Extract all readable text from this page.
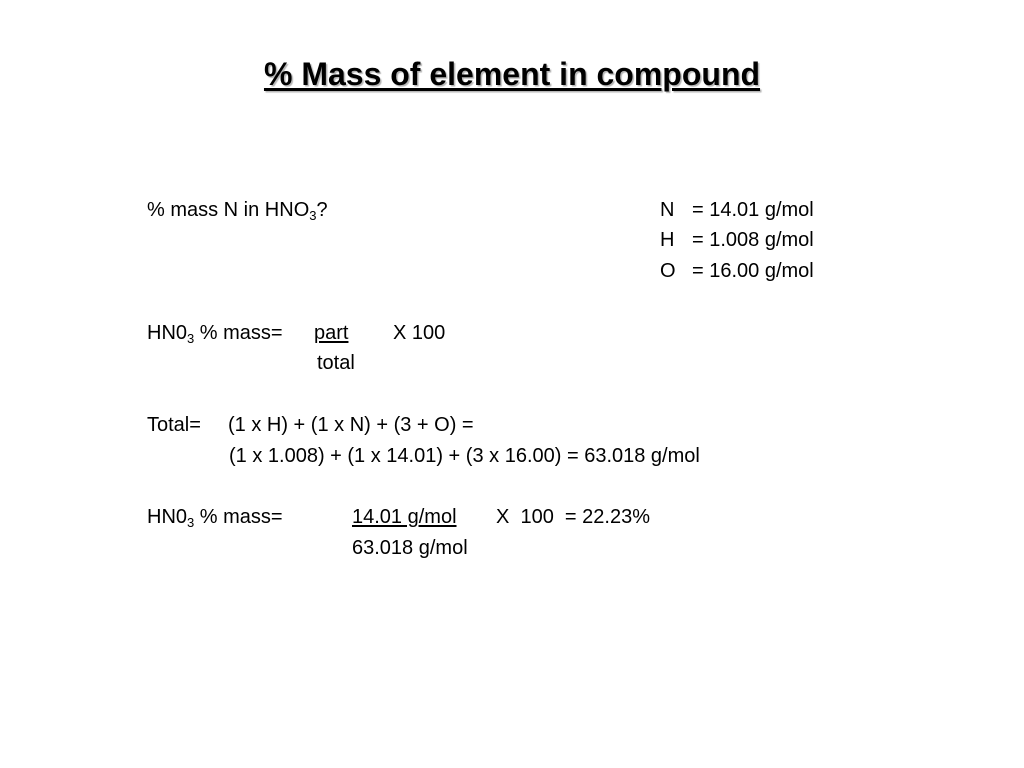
% Mass of element in compound
% mass N in $HNO_3$?	N = 14.01 g/mol
H = 1.008 g/mol
O = 16.00 g/mol
$HN0_3$ % mass= part X 100
total
Total= (1 x H) + (1 x N) + (3 + O) =
(1 x 1.008) + (1 x 14.01) + (3 x 16.00) = 63.018 g/mol
$HN0_3$ % mass=	14.01 g/mol X  100  = 22.23%
63.018 g/mol
